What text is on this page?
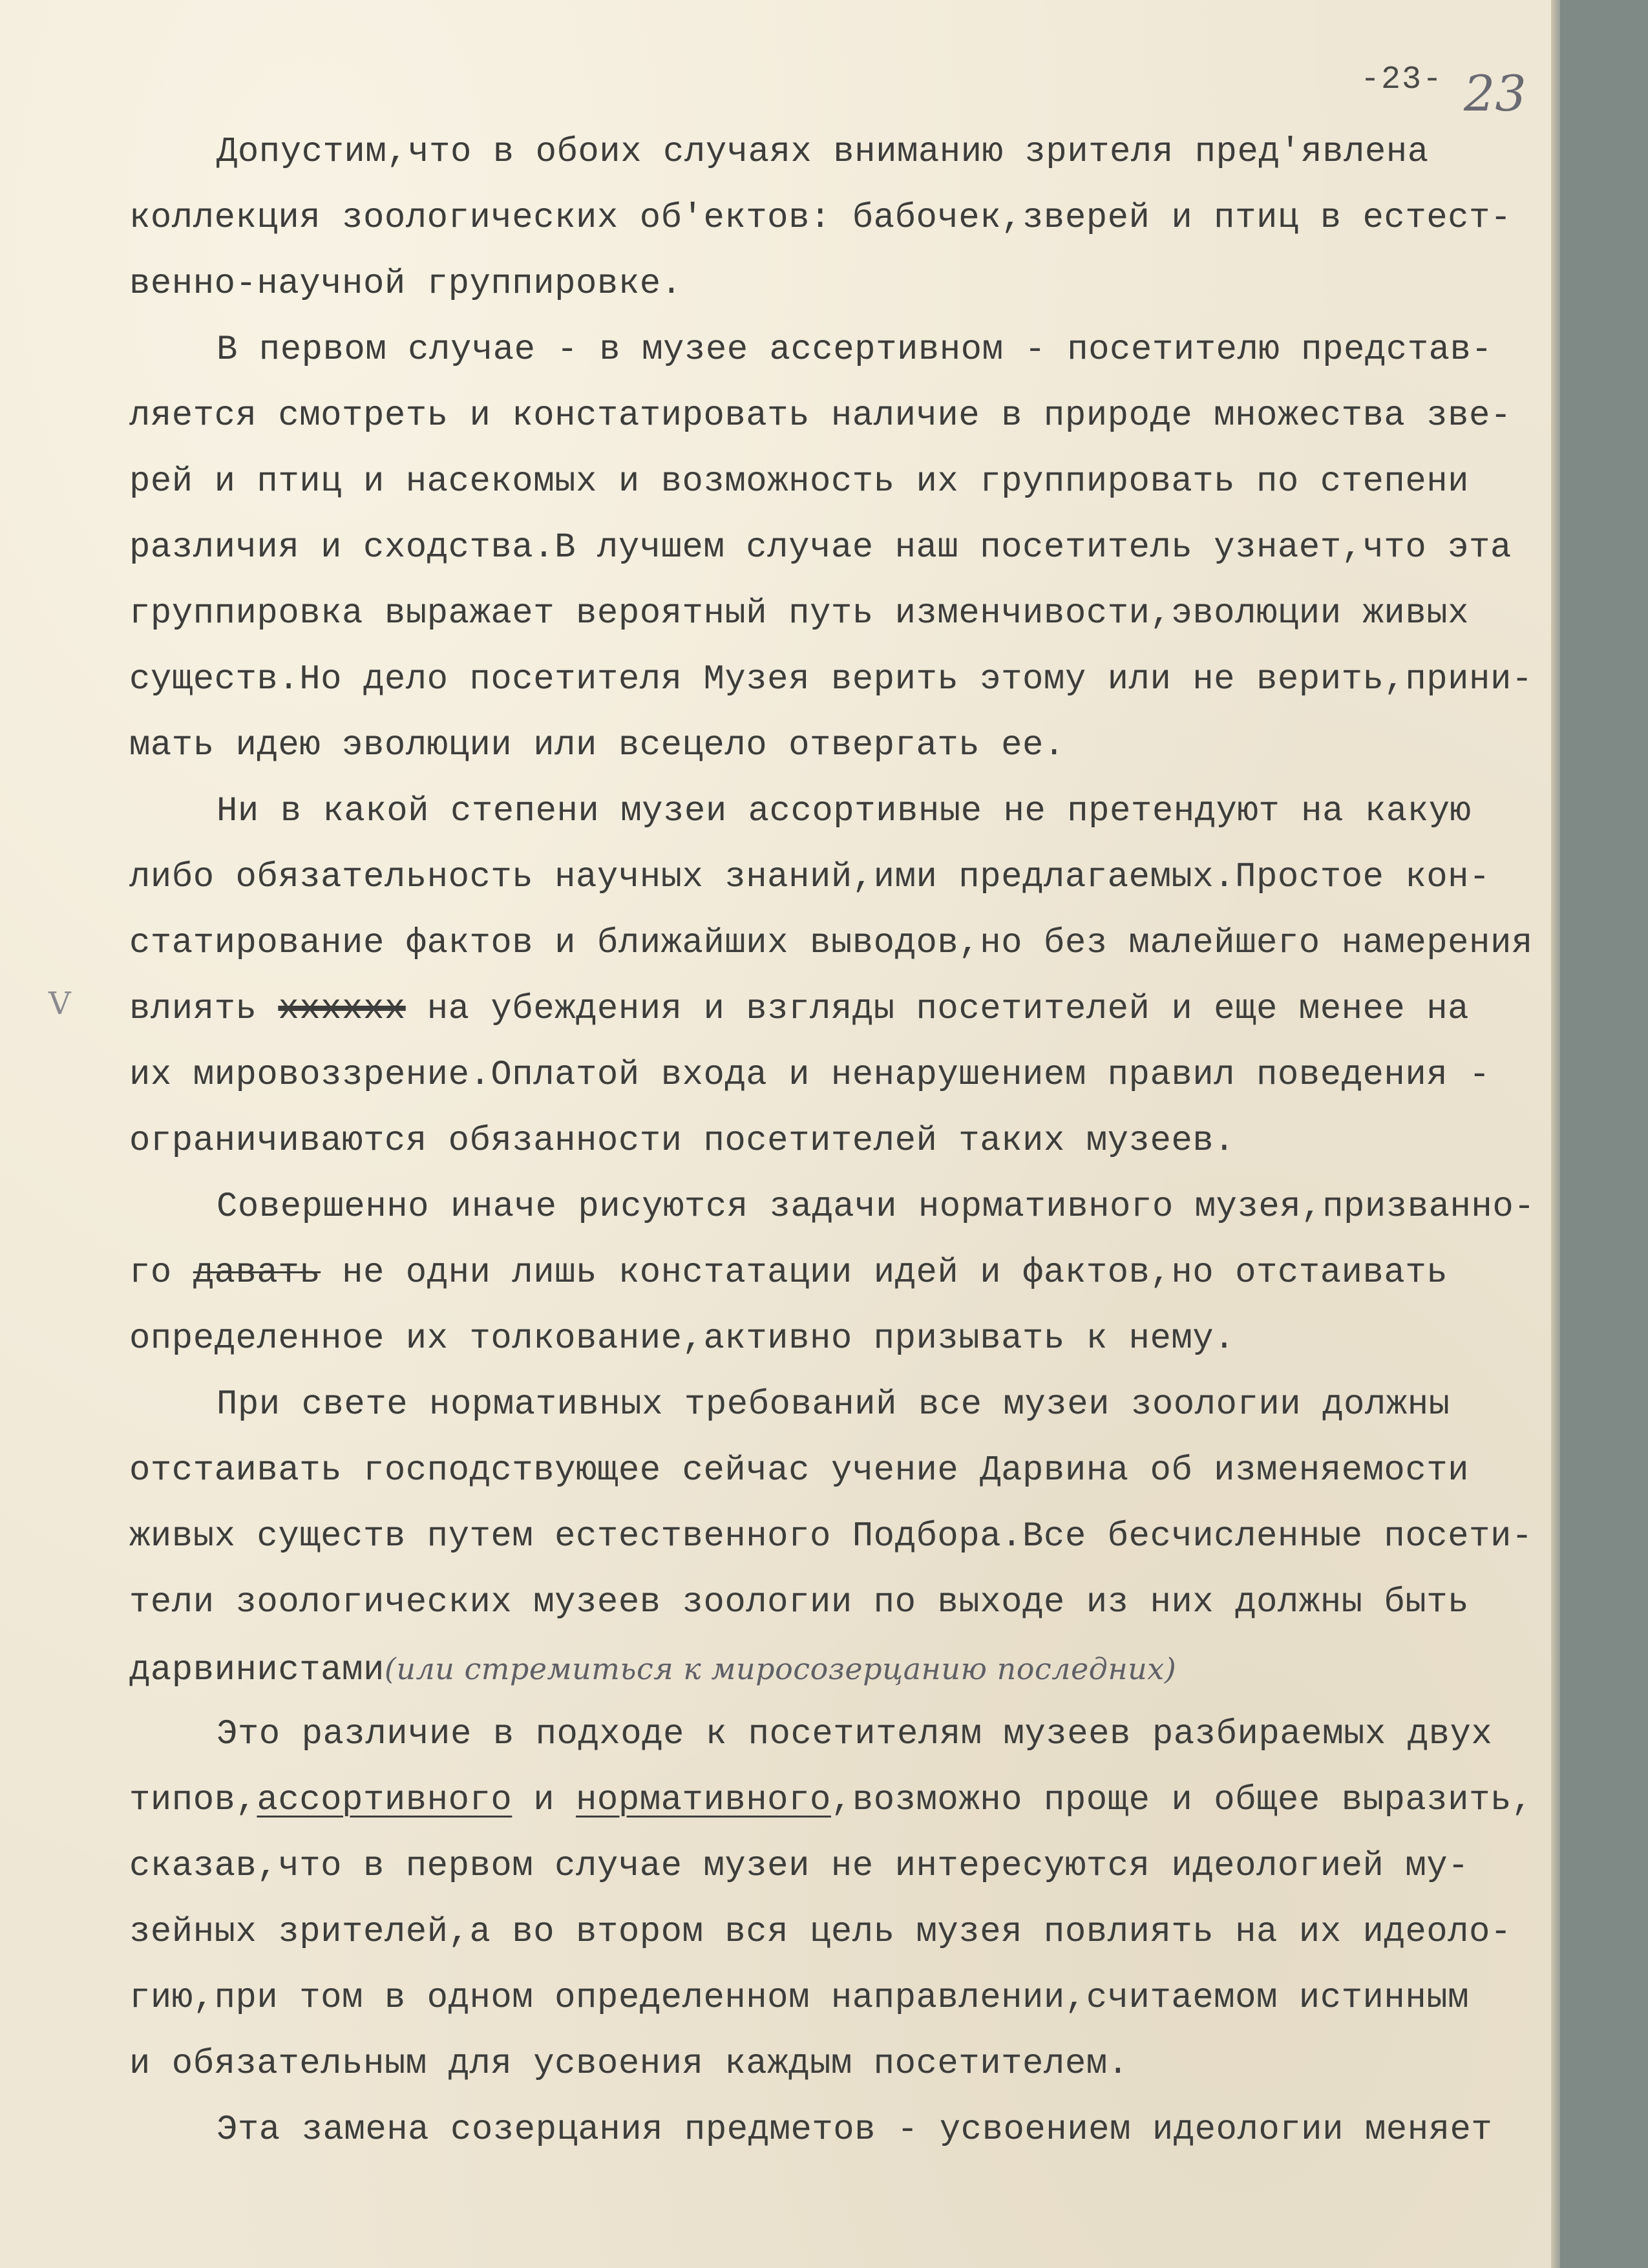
-23- 23
V
Допустим,что в обоих случаях вниманию зрителя пред'явлена
коллекция зоологических об'ектов: бабочек,зверей и птиц в естест-
венно-научной группировке.
В первом случае - в музее ассертивном - посетителю представ-
ляется смотреть и констатировать наличие в природе множества зве-
рей и птиц и насекомых и возможность их группировать по степени
различия и сходства.В лучшем случае наш посетитель узнает,что эта
группировка выражает вероятный путь изменчивости,эволюции живых
существ.Но дело посетителя Музея верить этому или не верить,прини-
мать идею эволюции или всецело отвергать ее.
Ни в какой степени музеи ассортивные не претендуют на какую
либо обязательность научных знаний,ими предлагаемых.Простое кон-
статирование фактов и ближайших выводов,но без малейшего намерения
влиять xxxxxx на убеждения и взгляды посетителей и еще менее на
их мировоззрение.Оплатой входа и ненарушением правил поведения -
ограничиваются обязанности посетителей таких музеев.
Совершенно иначе рисуются задачи нормативного музея,призванно-
го давать не одни лишь констатации идей и фактов,но отстаивать
определенное их толкование,активно призывать к нему.
При свете нормативных требований все музеи зоологии должны
отстаивать господствующее сейчас учение Дарвина об изменяемости
живых существ путем естественного Подбора.Все бесчисленные посети-
тели зоологических музеев зоологии по выходе из них должны быть
дарвинистами(или стремиться к миросозерцанию последних)
Это различие в подходе к посетителям музеев разбираемых двух
типов,ассортивного и нормативного,возможно проще и общее выразить,
сказав,что в первом случае музеи не интересуются идеологией му-
зейных зрителей,а во втором вся цель музея повлиять на их идеоло-
гию,при том в одном определенном направлении,считаемом истинным
и обязательным для усвоения каждым посетителем.
Эта замена созерцания предметов - усвоением идеологии меняет
